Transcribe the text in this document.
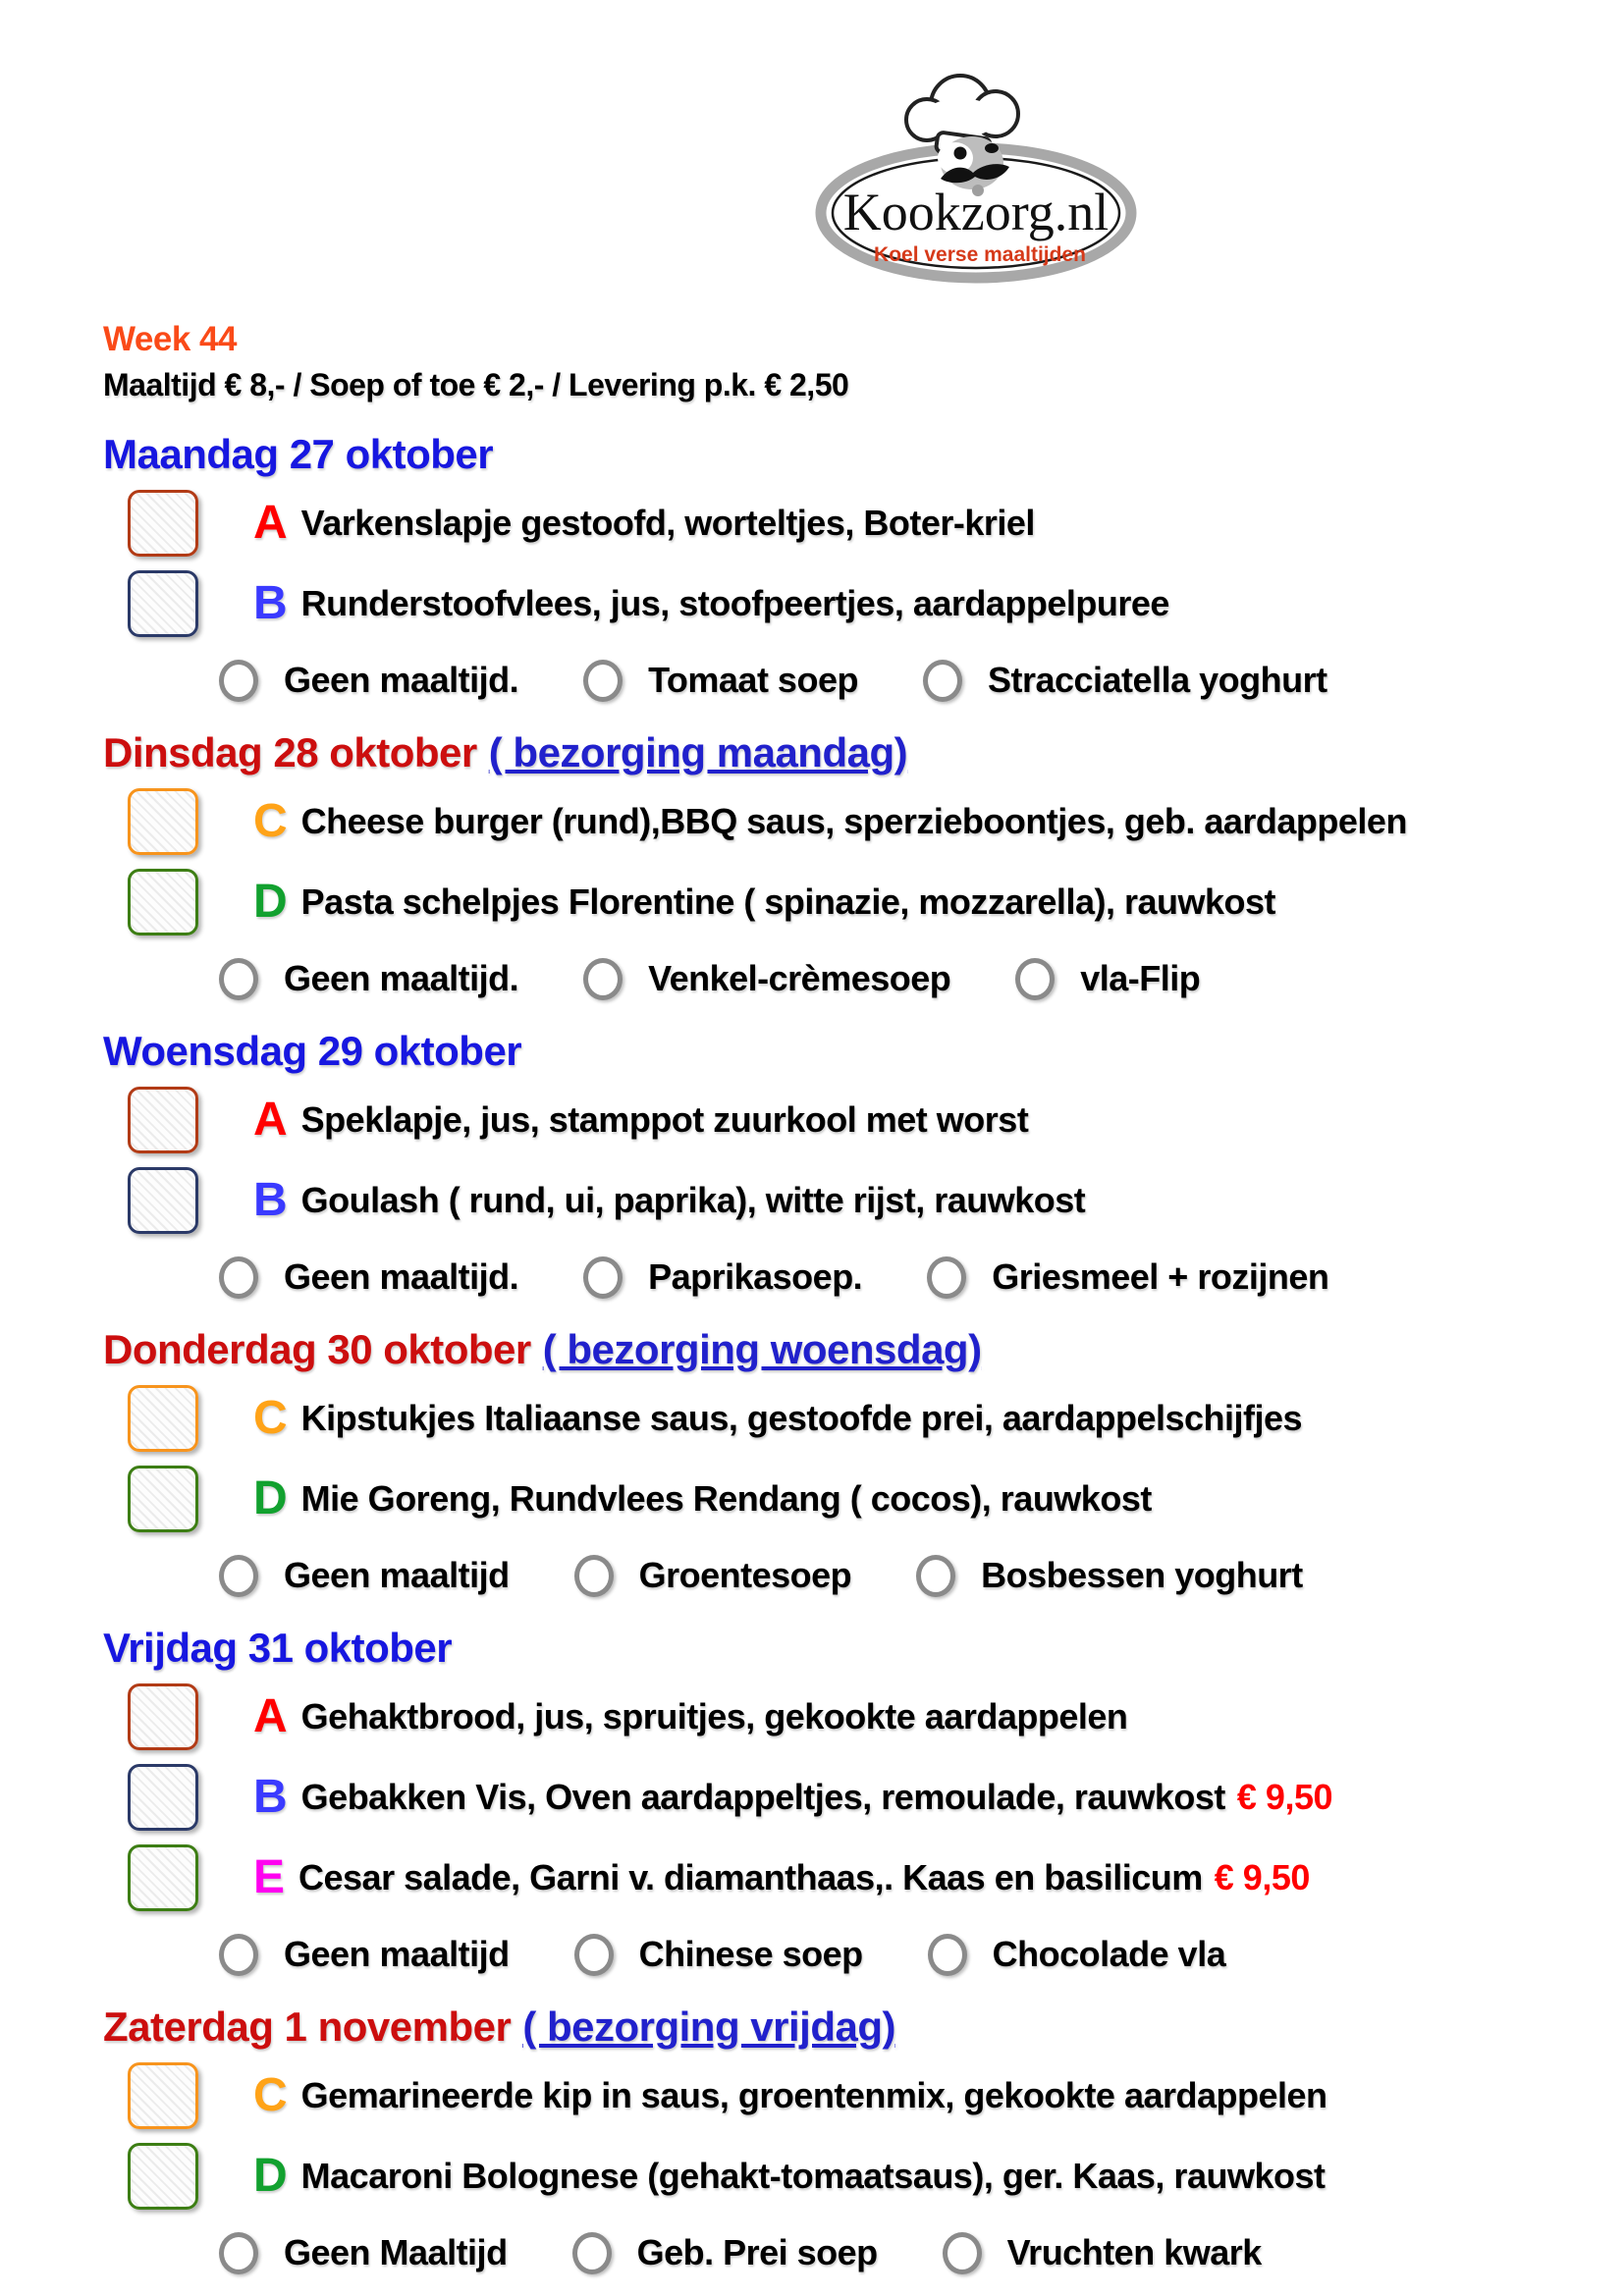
Kookzorg.nl
Koel verse maaltijden
Week 44
Maaltijd € 8,- / Soep of toe € 2,- / Levering p.k. € 2,50
Maandag 27 oktober
A Varkenslapje gestoofd, worteltjes, Boter-kriel
B Runderstoofvlees, jus, stoofpeertjes, aardappelpuree
Geen maaltijd.	Tomaat soep	Stracciatella yoghurt
Dinsdag 28 oktober ( bezorging maandag)
C Cheese burger (rund),BBQ saus, sperzieboontjes, geb. aardappelen
D Pasta schelpjes Florentine ( spinazie, mozzarella), rauwkost
Geen maaltijd.	Venkel-crèmesoep	vla-Flip
Woensdag 29 oktober
A Speklapje, jus, stamppot zuurkool met worst
B Goulash ( rund, ui, paprika), witte rijst, rauwkost
Geen maaltijd.	Paprikasoep.	Griesmeel + rozijnen
Donderdag 30 oktober ( bezorging woensdag)
C Kipstukjes Italiaanse saus, gestoofde prei, aardappelschijfjes
D Mie Goreng, Rundvlees Rendang ( cocos), rauwkost
Geen maaltijd	Groentesoep	Bosbessen yoghurt
Vrijdag 31 oktober
A Gehaktbrood, jus, spruitjes, gekookte aardappelen
B Gebakken Vis, Oven aardappeltjes, remoulade, rauwkost € 9,50
E Cesar salade, Garni v. diamanthaas,. Kaas en basilicum € 9,50
Geen maaltijd	Chinese soep	Chocolade vla
Zaterdag 1 november ( bezorging vrijdag)
C Gemarineerde kip in saus, groentenmix, gekookte aardappelen
D Macaroni Bolognese (gehakt-tomaatsaus), ger. Kaas, rauwkost
Geen Maaltijd	Geb. Prei soep	Vruchten kwark
